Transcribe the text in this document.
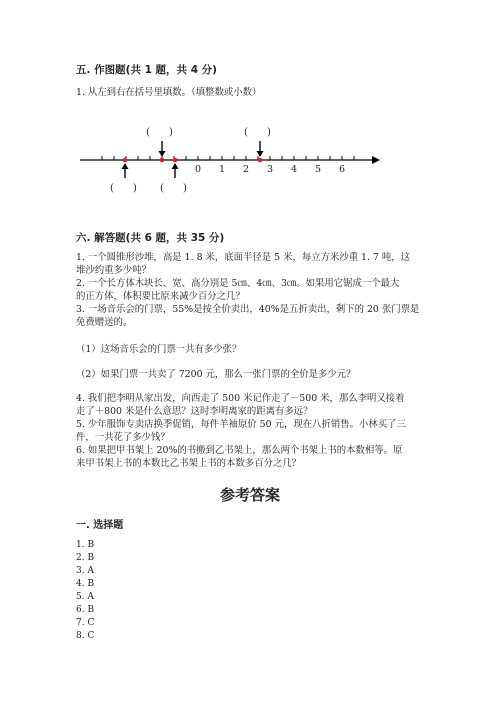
五. 作图题(共 1 题，共 4 分)
1. 从左到右在括号里填数。（填整数或小数）
0 1 2 3 4 5 6
(      )	(      )
(      ) (      )
六. 解答题(共 6 题，共 35 分)
1. 一个圆锥形沙堆，高是 1. 8 米，底面半径是 5 米，每立方米沙重 1. 7 吨，这
堆沙约重多少吨？
2. 一个长方体木块长、宽、高分别是 5㎝、4㎝、3㎝。如果用它锯成一个最大
的正方体，体积要比原来减少百分之几？
3. 一场音乐会的门票，55%是按全价卖出，40%是五折卖出，剩下的 20 张门票是
免费赠送的。
（1）这场音乐会的门票一共有多少张？
（2）如果门票一共卖了 7200 元，那么一张门票的全价是多少元？
4. 我们把李明从家出发，向西走了 500 米记作走了－500 米，那么李明又接着
走了＋800 米是什么意思？这时李明离家的距离有多远？
5. 少年服饰专卖店换季促销，每件羊袖原价 50 元，现在八折销售。小林买了三
件，一共花了多少钱？
6. 如果把甲书架上 20%的书搬到乙书架上，那么两个书架上书的本数相等。原
来甲书架上书的本数比乙书架上书的本数多百分之几？
参考答案
一. 选择题
1. B
2. B
3. A
4. B
5. A
6. B
7. C
8. C
